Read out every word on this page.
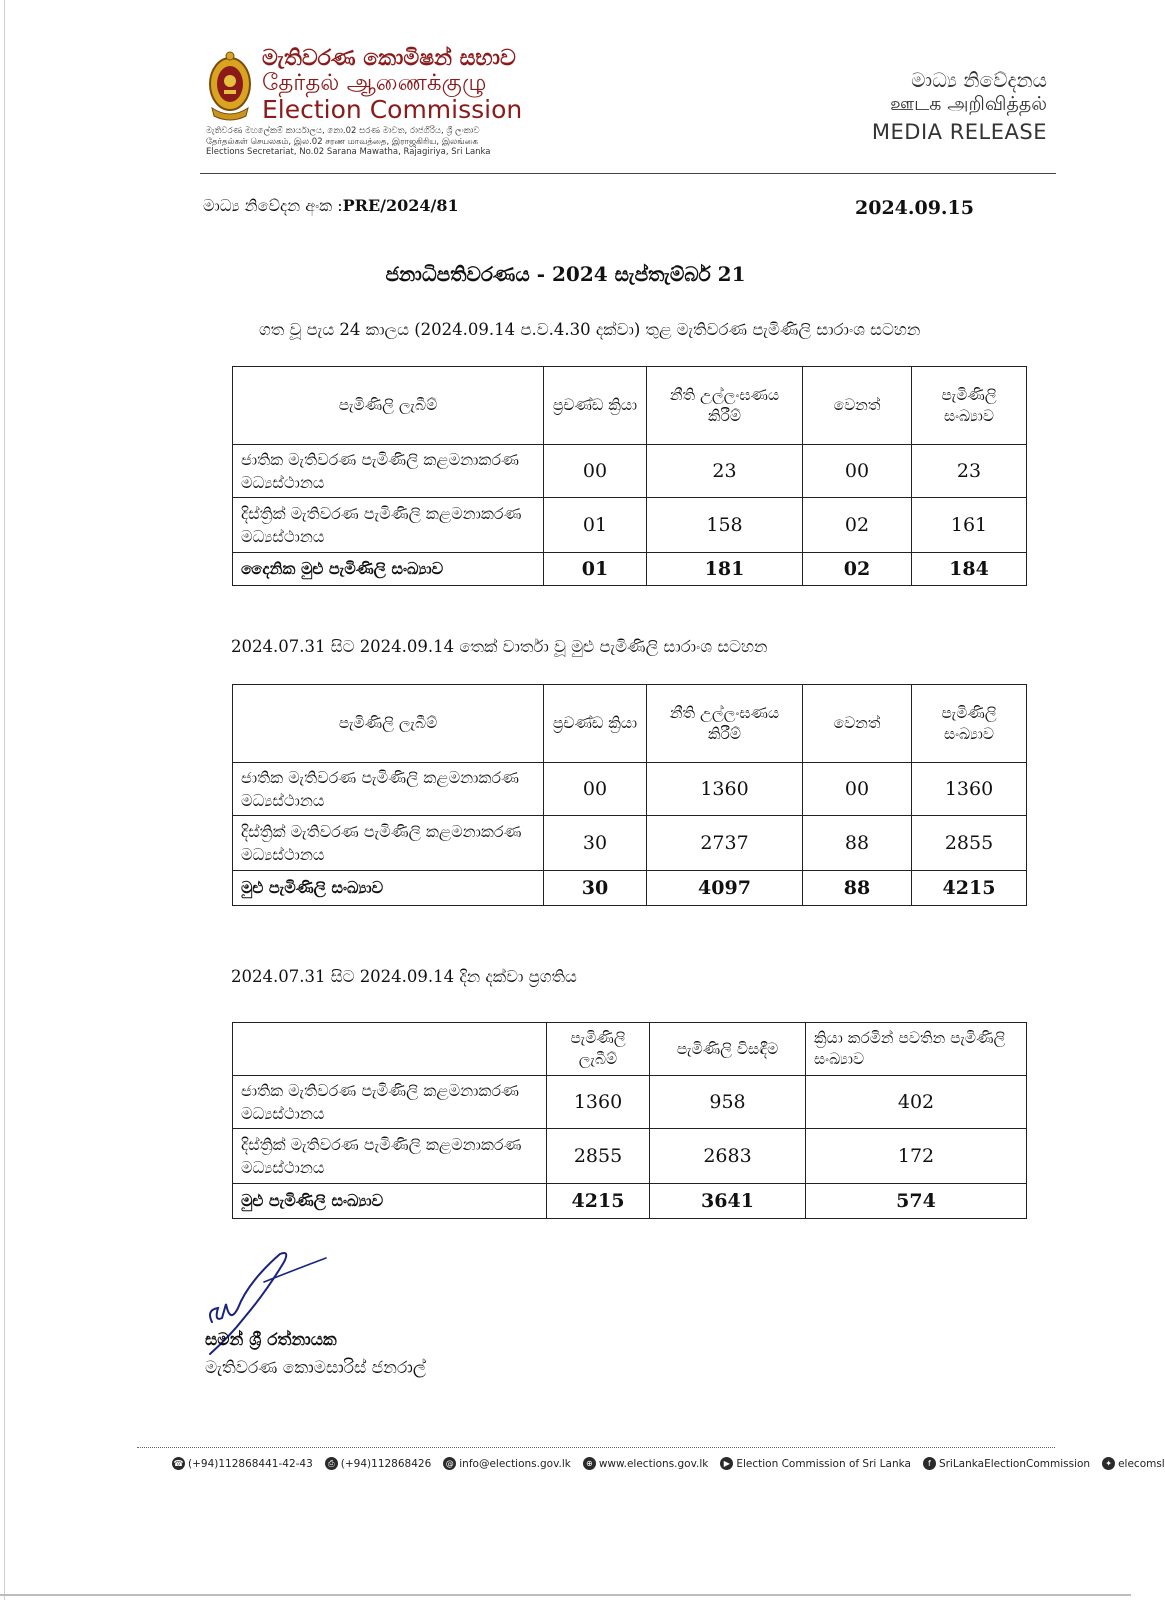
මැතිවරණ කොමිෂන් සභාව
தேர்தல் ஆணைக்குழு
Election Commission
මැතිවරණ මහලේකම් කාර්යාලය, නො.02 සරණ මාවත, රාජගිරිය, ශ්‍රී ලංකාව
தேர்தல்கள் செயலகம், இல.02 சரண மாவத்தை, இராஜகிரிய, இலங்கை
Elections Secretariat, No.02 Sarana Mawatha, Rajagiriya, Sri Lanka
මාධ්‍ය නිවේදනය
ஊடக அறிவித்தல்
MEDIA RELEASE
මාධ්‍ය නිවේදන අංක :PRE/2024/81	2024.09.15
ජනාධිපතිවරණය - 2024 සැප්තැම්බර් 21
ගත වූ පැය 24 කාලය (2024.09.14 ප.ව.4.30 දක්වා) තුළ මැතිවරණ පැමිණිලි සාරාංශ සටහන
පැමිණිලි ලැබීම්	ප්‍රචණ්ඩ ක්‍රියා	නීති උල්ලංඝණය කිරීම්	වෙනත්	පැමිණිලි සංඛ්‍යාව
ජාතික මැතිවරණ පැමිණිලි කළමනාකරණ මධ්‍යස්ථානය	00	23	00	23
දිස්ත්‍රික් මැතිවරණ පැමිණිලි කළමනාකරණ මධ්‍යස්ථානය	01	158	02	161
දෛනික මුළු පැමිණිලි සංඛ්‍යාව	01	181	02	184
2024.07.31 සිට 2024.09.14 තෙක් වාර්තා වූ මුළු පැමිණිලි සාරාංශ සටහන
පැමිණිලි ලැබීම්	ප්‍රචණ්ඩ ක්‍රියා	නීති උල්ලංඝණය කිරීම්	වෙනත්	පැමිණිලි සංඛ්‍යාව
ජාතික මැතිවරණ පැමිණිලි කළමනාකරණ මධ්‍යස්ථානය	00	1360	00	1360
දිස්ත්‍රික් මැතිවරණ පැමිණිලි කළමනාකරණ මධ්‍යස්ථානය	30	2737	88	2855
මුළු පැමිණිලි සංඛ්‍යාව	30	4097	88	4215
2024.07.31 සිට 2024.09.14 දින දක්වා ප්‍රගතිය
	පැමිණිලි ලැබීම්	පැමිණිලි විසඳීම	ක්‍රියා කරමින් පවතින පැමිණිලි සංඛ්‍යාව
ජාතික මැතිවරණ පැමිණිලි කළමනාකරණ මධ්‍යස්ථානය	1360	958	402
දිස්ත්‍රික් මැතිවරණ පැමිණිලි කළමනාකරණ මධ්‍යස්ථානය	2855	2683	172
මුළු පැමිණිලි සංඛ්‍යාව	4215	3641	574
සමන් ශ්‍රී රත්නායක
මැතිවරණ කොමසාරිස් ජනරාල්
☎ (+94)112868441-42-43	⎙ (+94)112868426	@ info@elections.gov.lk	⊕ www.elections.gov.lk	▶ Election Commission of Sri Lanka	f SriLankaElectionCommission	✦ elecomsl
